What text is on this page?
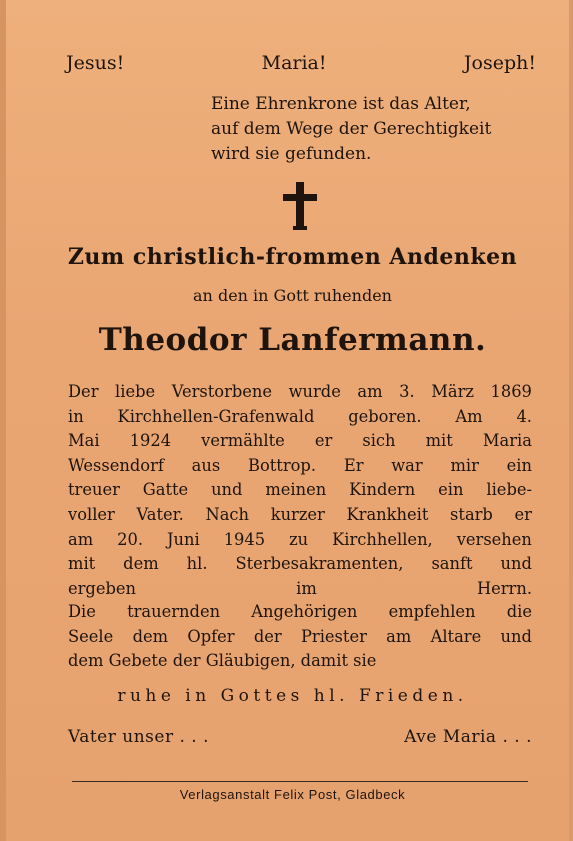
Jesus!	Maria!	Joseph!
Eine Ehrenkrone ist das Alter,
auf dem Wege der Gerechtigkeit
wird sie gefunden.
Zum christlich-frommen Andenken
an den in Gott ruhenden
Theodor Lanfermann.
Der liebe Verstorbene wurde am 3. März 1869
in Kirchhellen-Grafenwald geboren. Am 4.
Mai 1924 vermählte er sich mit Maria
Wessendorf aus Bottrop. Er war mir ein
treuer Gatte und meinen Kindern ein liebe-
voller Vater. Nach kurzer Krankheit starb er
am 20. Juni 1945 zu Kirchhellen, versehen
mit dem hl. Sterbesakramenten, sanft und
ergeben	im	Herrn.
Die trauernden Angehörigen empfehlen die
Seele dem Opfer der Priester am Altare und
dem Gebete der Gläubigen, damit sie
ruhe in Gottes hl. Frieden.
Vater unser . . .	Ave Maria . . .
Verlagsanstalt Felix Post, Gladbeck
